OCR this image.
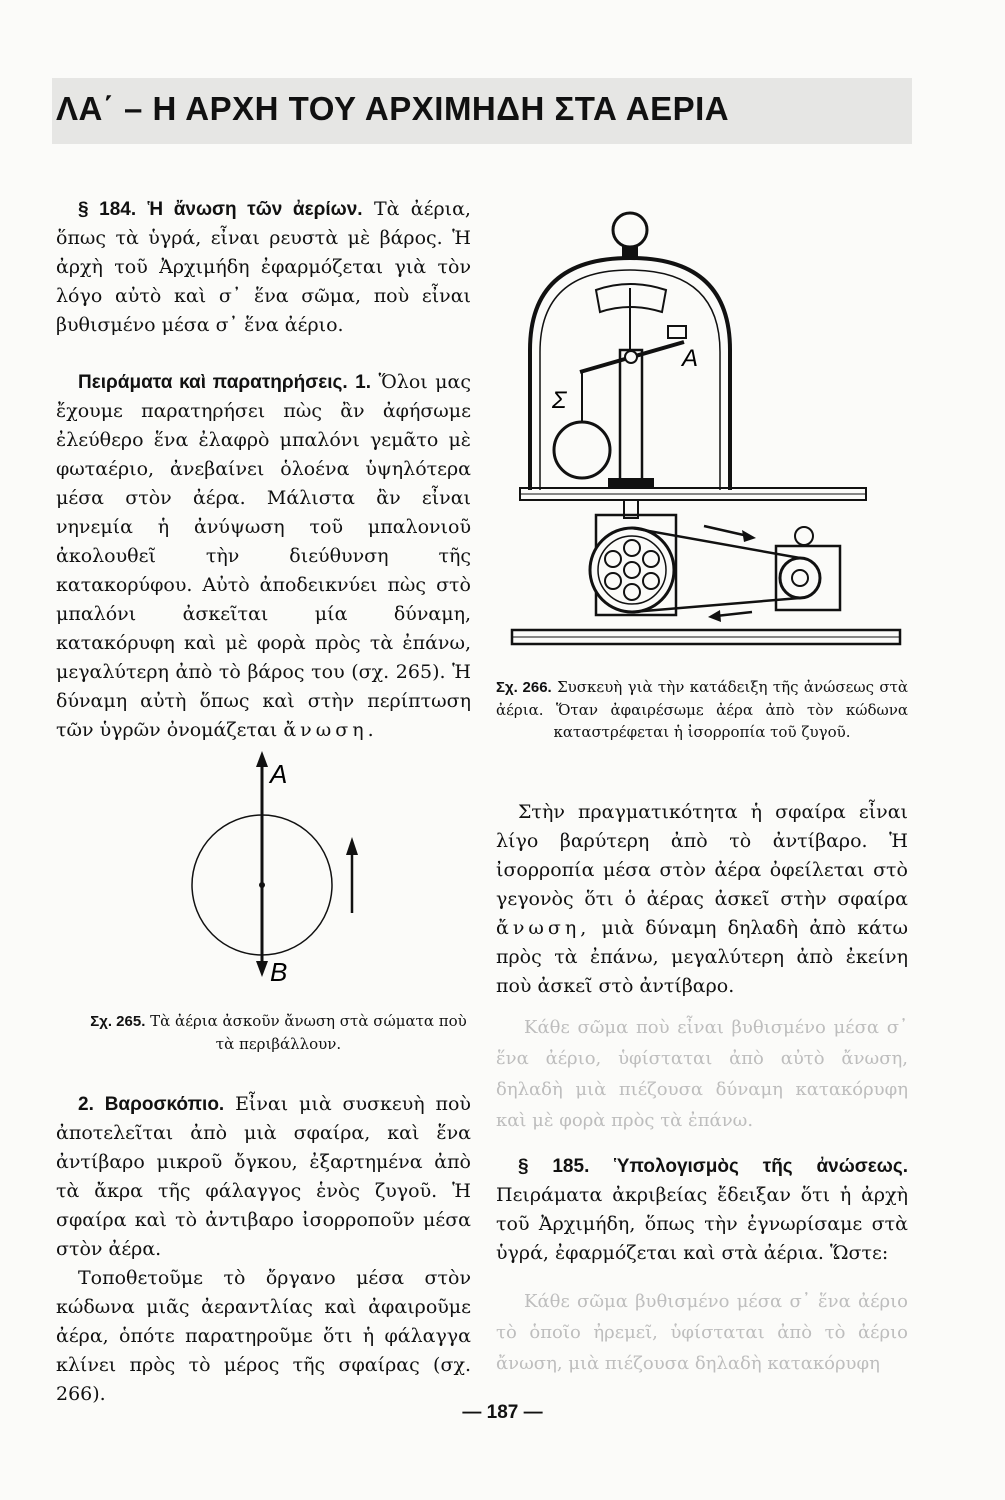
ΛΑ΄ – Η ΑΡΧΗ ΤΟΥ ΑΡΧΙΜΗΔΗ ΣΤΑ ΑΕΡΙΑ

§ 184. Ἡ ἄνωση τῶν ἀερίων. Τὰ ἀέρια, ὅπως τὰ ὑγρά, εἶναι ρευστὰ μὲ βάρος. Ἡ ἀρχὴ τοῦ Ἀρχιμήδη ἐφαρμόζεται γιὰ τὸν λόγο αὐτὸ καὶ σ᾿ ἕνα σῶμα, ποὺ εἶναι βυθισμένο μέσα σ᾿ ἕνα ἀέριο.

Πειράματα καὶ παρατηρήσεις. 1. Ὅλοι μας ἔχουμε παρατηρήσει πὼς ἂν ἀφήσωμε ἐλεύθερο ἕνα ἐλαφρὸ μπαλόνι γεμᾶτο μὲ φωταέριο, ἀνεβαίνει ὁλοένα ὑψηλότερα μέσα στὸν ἀέρα. Μάλιστα ἂν εἶναι νηνεμία ἡ ἀνύψωση τοῦ μπαλονιοῦ ἀκολουθεῖ τὴν διεύθυνση τῆς κατακορύφου. Αὐτὸ ἀποδεικνύει πὼς στὸ μπαλόνι ἀσκεῖται μία δύναμη, κατακόρυφη καὶ μὲ φορὰ πρὸς τὰ ἐπάνω, μεγαλύτερη ἀπὸ τὸ βάρος του (σχ. 265). Ἡ δύναμη αὐτὴ ὅπως καὶ στὴν περίπτωση τῶν ὑγρῶν ὀνομάζεται ἄνωση.

A
B

Σχ. 265. Τὰ ἀέρια ἀσκοῦν ἄνωση στὰ σώματα ποὺ τὰ περιβάλλουν.

2. Βαροσκόπιο. Εἶναι μιὰ συσκευὴ ποὺ ἀποτελεῖται ἀπὸ μιὰ σφαίρα, καὶ ἕνα ἀντίβαρο μικροῦ ὄγκου, ἐξαρτημένα ἀπὸ τὰ ἄκρα τῆς φάλαγγος ἑνὸς ζυγοῦ. Ἡ σφαίρα καὶ τὸ ἀντιβαρο ἰσορροποῦν μέσα στὸν ἀέρα.

Τοποθετοῦμε τὸ ὄργανο μέσα στὸν κώδωνα μιᾶς ἀεραντλίας καὶ ἀφαιροῦμε ἀέρα, ὁπότε παρατηροῦμε ὅτι ἡ φάλαγγα κλίνει πρὸς τὸ μέρος τῆς σφαίρας (σχ. 266).

A
Σ

Σχ. 266. Συσκευὴ γιὰ τὴν κατάδειξη τῆς ἀνώσεως στὰ ἀέρια. Ὅταν ἀφαιρέσωμε ἀέρα ἀπὸ τὸν κώδωνα καταστρέφεται ἡ ἰσορροπία τοῦ ζυγοῦ.

Στὴν πραγματικότητα ἡ σφαίρα εἶναι λίγο βαρύτερη ἀπὸ τὸ ἀντίβαρο. Ἡ ἰσορροπία μέσα στὸν ἀέρα ὀφείλεται στὸ γεγονὸς ὅτι ὁ ἀέρας ἀσκεῖ στὴν σφαίρα ἄνωση, μιὰ δύναμη δηλαδὴ ἀπὸ κάτω πρὸς τὰ ἐπάνω, μεγαλύτερη ἀπὸ ἐκείνη ποὺ ἀσκεῖ στὸ ἀντίβαρο.

Κάθε σῶμα ποὺ εἶναι βυθισμένο μέσα σ᾿ ἕνα ἀέριο, ὑφίσταται ἀπὸ αὐτὸ ἄνωση, δηλαδὴ μιὰ πιέζουσα δύναμη κατακόρυφη καὶ μὲ φορὰ πρὸς τὰ ἐπάνω.

§ 185. Ὑπολογισμὸς τῆς ἀνώσεως. Πειράματα ἀκριβείας ἔδειξαν ὅτι ἡ ἀρχὴ τοῦ Ἀρχιμήδη, ὅπως τὴν ἐγνωρίσαμε στὰ ὑγρά, ἐφαρμόζεται καὶ στὰ ἀέρια. Ὥστε:

Κάθε σῶμα βυθισμένο μέσα σ᾿ ἕνα ἀέριο τὸ ὁποῖο ἠρεμεῖ, ὑφίσταται ἀπὸ τὸ ἀέριο ἄνωση, μιὰ πιέζουσα δηλαδὴ κατακόρυφη

— 187 —
